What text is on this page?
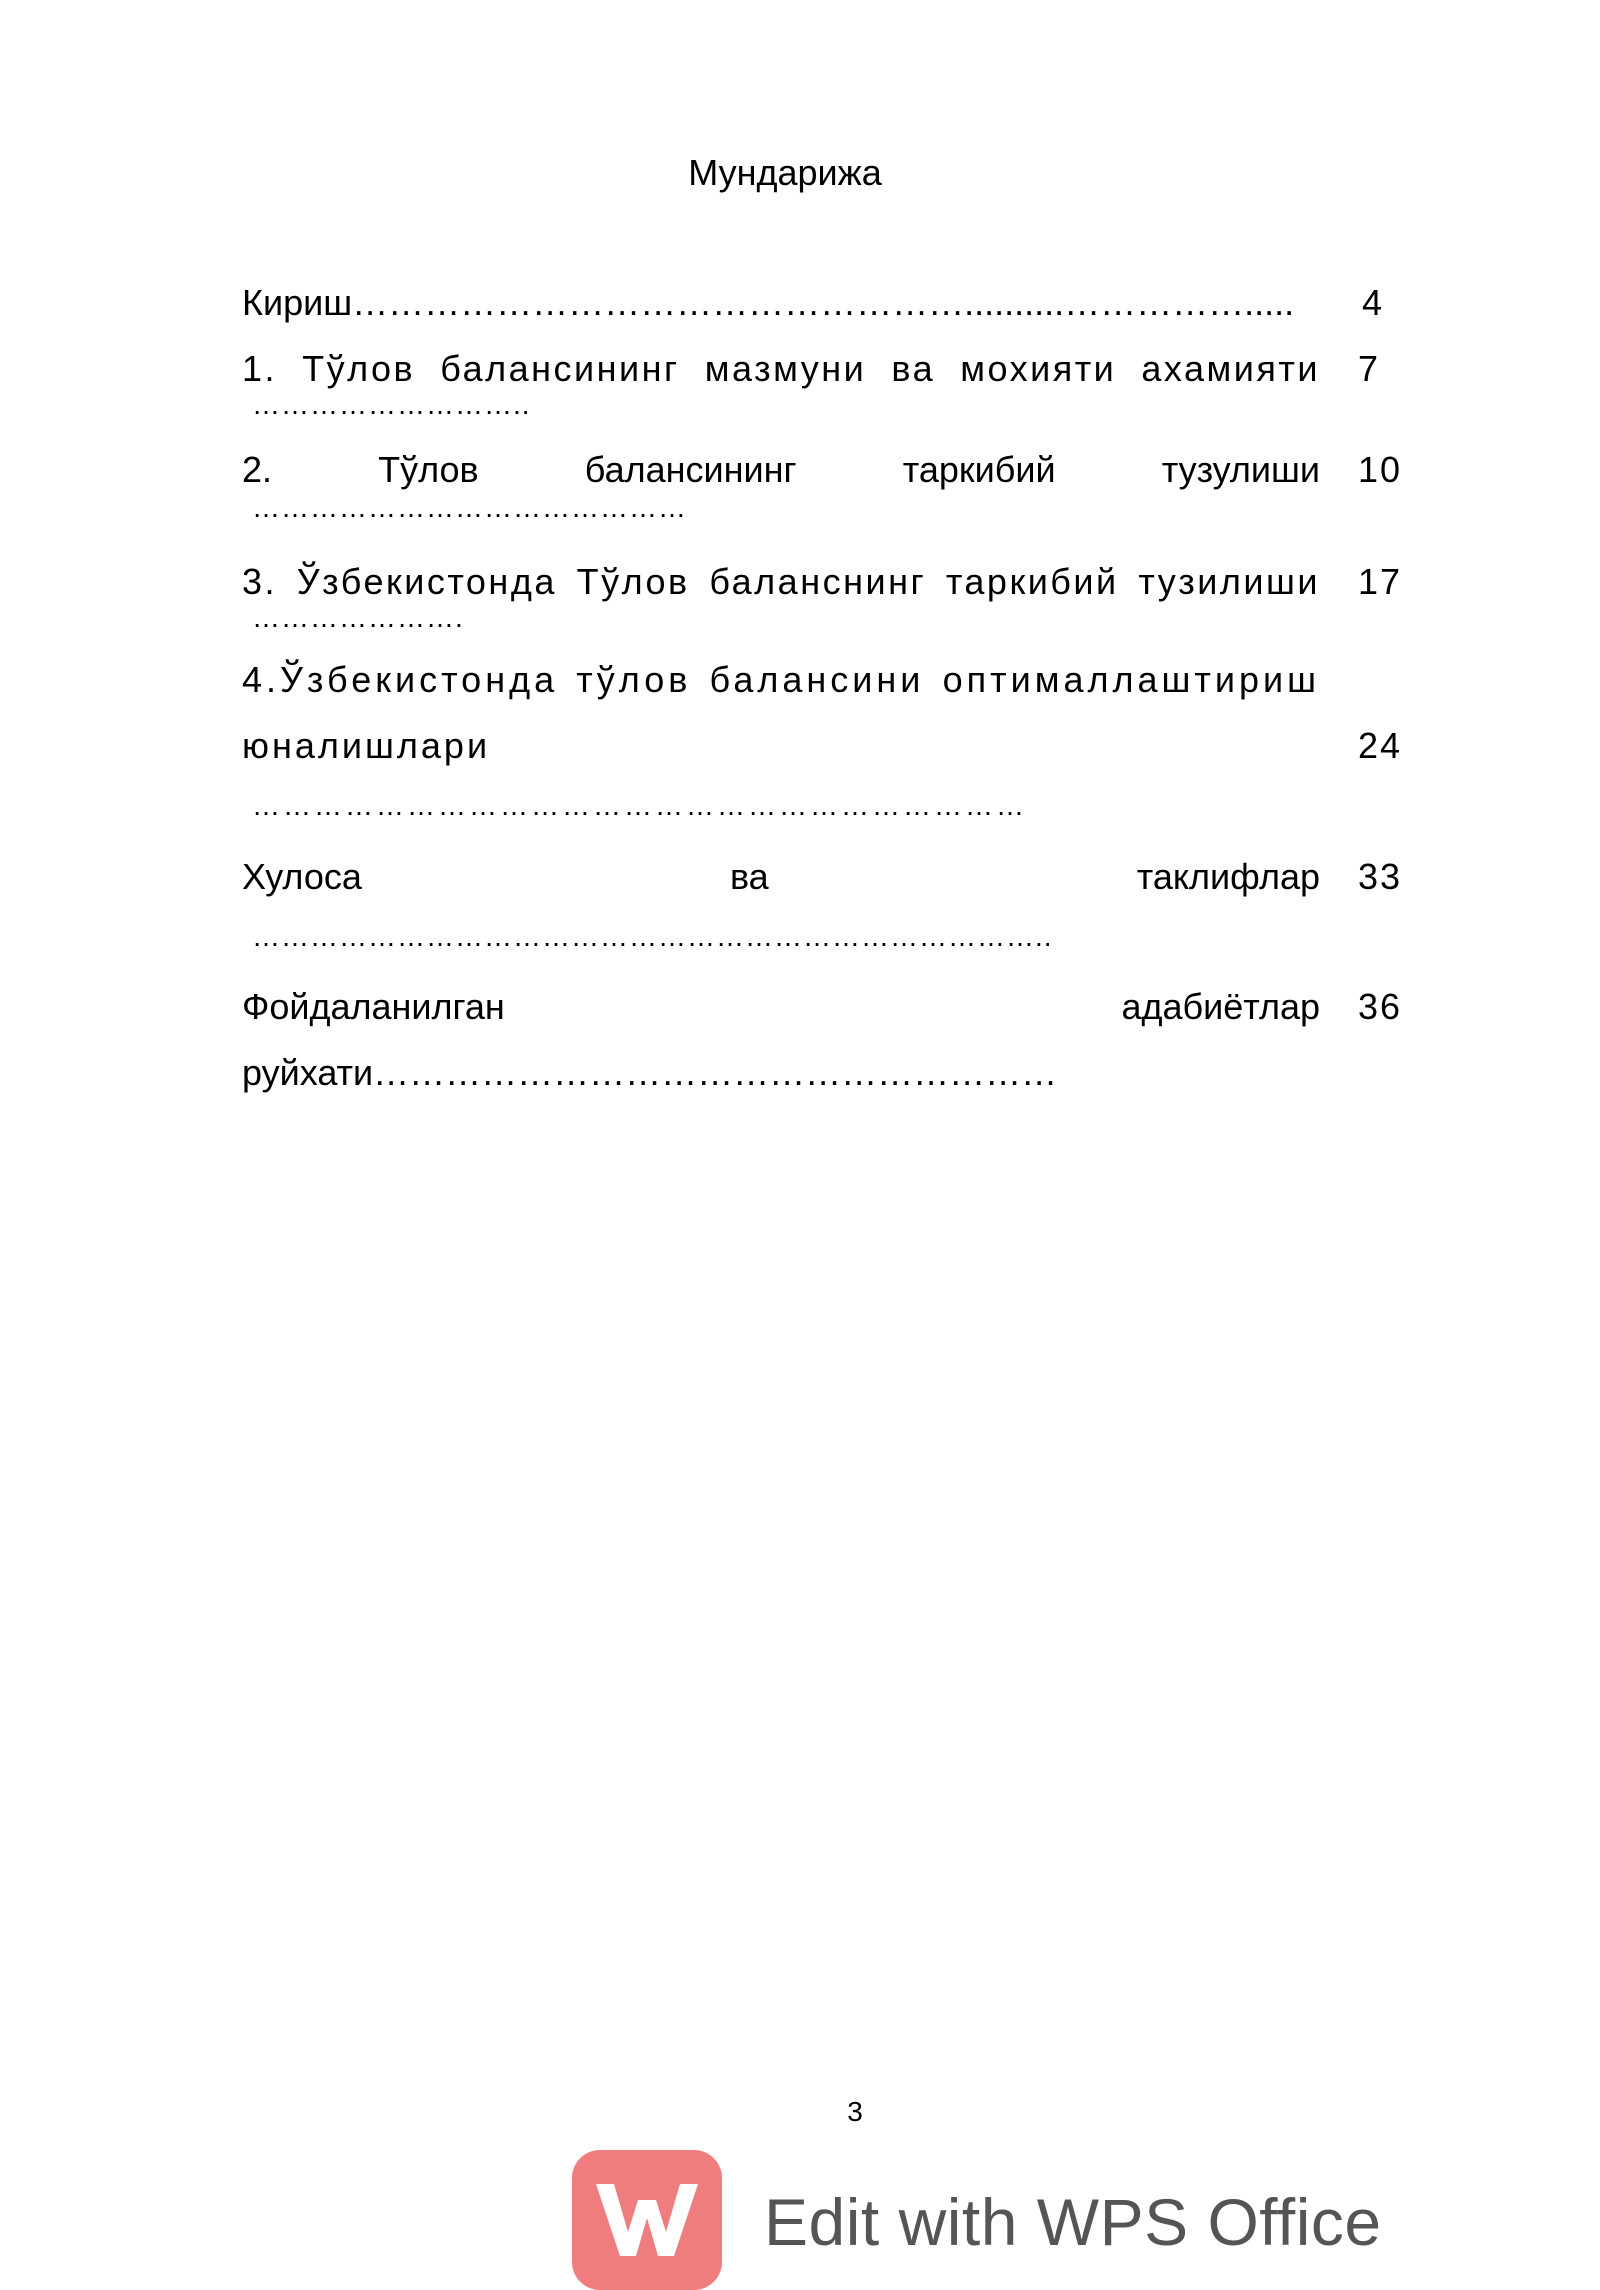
Мундарижа
Кириш……………………………………………..........…………….....	4
1. Тўлов балансининг мазмуни ва мохияти ахамияти
………………………..
7
2. Тўлов балансининг таркибий тузулиши
………………………………………
10
3. Ўзбекистонда Тўлов баланснинг таркибий тузилиши
………………….
17
4.Ўзбекистонда тўлов балансини оптималлаштириш
юналишлари
…………………………………………………………………
24
Хулоса ва таклифлар
………………………………………………………………………..
33
Фойдаланилган адабиётлар
руйхати…………………………………………………
36
3
Edit with WPS Office
